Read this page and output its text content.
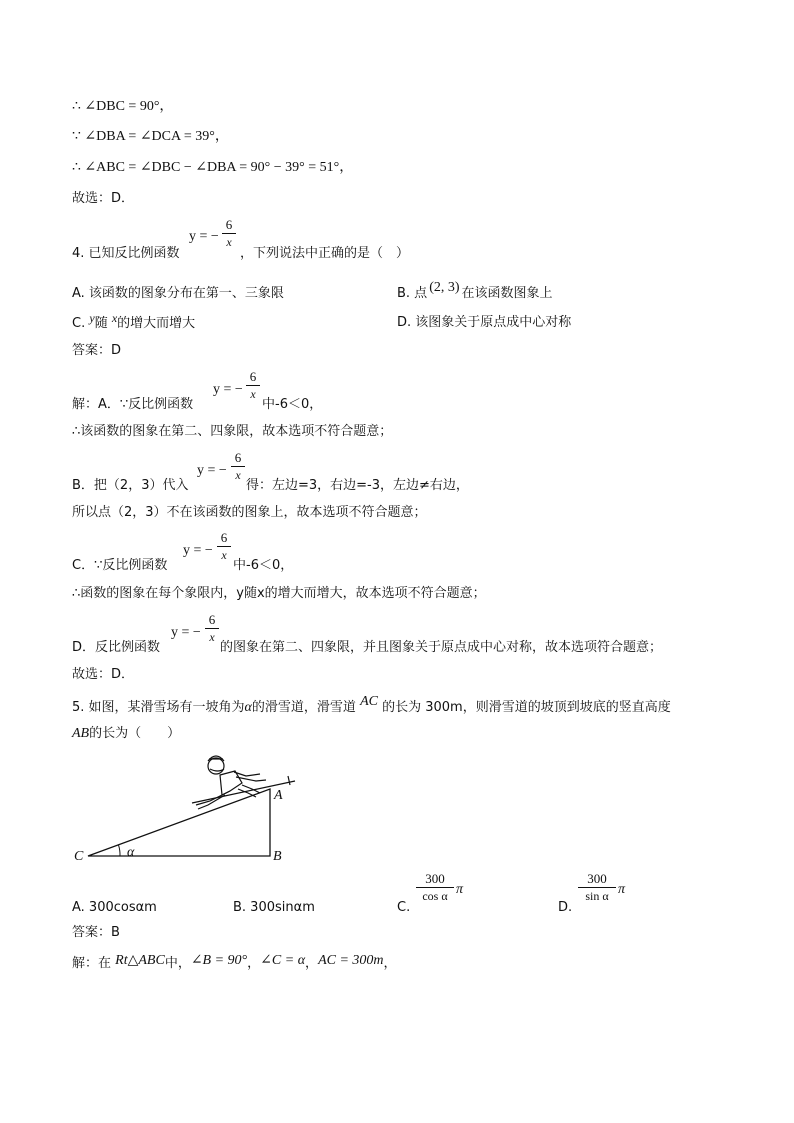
∴ ∠DBC = 90°，
∵ ∠DBA = ∠DCA = 39°，
∴ ∠ABC = ∠DBC − ∠DBA = 90° − 39° = 51°，
故选：D．
4. 已知反比例函数
y = −
6
x
，下列说法中正确的是（　）
A. 该函数的图象分布在第一、三象限	B. 点 (2, 3) 在该函数图象上
C. y随 x的增大而增大	D. 该图象关于原点成中心对称
答案：D
y = −
6
x
解：A．∵反比例函数	中-6＜0，
∴该函数的图象在第二、四象限，故本选项不符合题意；
y = −
6
x
B．把（2，3）代入	得：左边=3，右边=-3，左边≠右边，
所以点（2，3）不在该函数的图象上，故本选项不符合题意；
y = −
6
x
C．∵反比例函数	中-6＜0，
∴函数的图象在每个象限内，y随x的增大而增大，故本选项不符合题意；
y = −
6
x
D．反比例函数	的图象在第二、四象限，并且图象关于原点成中心对称，故本选项符合题意；
故选：D．
5. 如图，某滑雪场有一坡角为α的滑雪道，滑雪道 AC 的长为 300m，则滑雪道的坡顶到坡底的竖直高度
AB的长为（　　）
A
B
C	α
A. 300cosαm	B. 300sinαm	C.
300
cos α π
D.
300
sin α π
答案：B
解：在 Rt△ABC中，∠B = 90°，∠C = α，AC = 300m，
